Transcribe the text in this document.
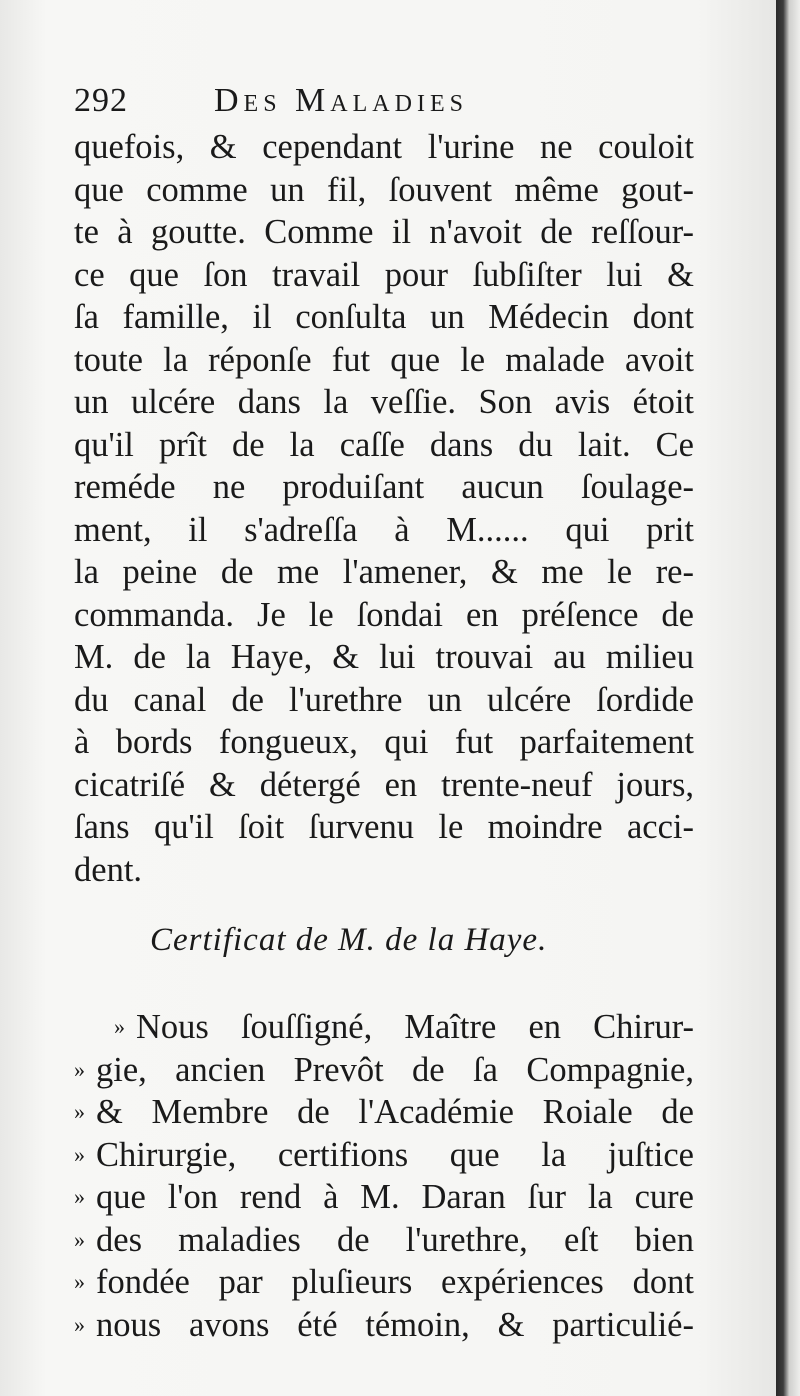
292	Des Maladies
quefois, & cependant l'urine ne couloit
que comme un fil, ſouvent même gout-
te à goutte. Comme il n'avoit de reſſour-
ce que ſon travail pour ſubſiſter lui &
ſa famille, il conſulta un Médecin dont
toute la réponſe fut que le malade avoit
un ulcére dans la veſſie. Son avis étoit
qu'il prît de la caſſe dans du lait. Ce
reméde ne produiſant aucun ſoulage-
ment, il s'adreſſa à M...... qui prit
la peine de me l'amener, & me le re-
commanda. Je le ſondai en préſence de
M. de la Haye, & lui trouvai au milieu
du canal de l'urethre un ulcére ſordide
à bords fongueux, qui fut parfaitement
cicatriſé & détergé en trente-neuf jours,
ſans qu'il ſoit ſurvenu le moindre acci-
dent.
Certificat de M. de la Haye.
» Nous ſouſſigné, Maître en Chirur-
» gie, ancien Prevôt de ſa Compagnie,
» & Membre de l'Académie Roiale de
» Chirurgie, certifions que la juſtice
» que l'on rend à M. Daran ſur la cure
» des maladies de l'urethre, eſt bien
» fondée par pluſieurs expériences dont
» nous avons été témoin, & particulié-
